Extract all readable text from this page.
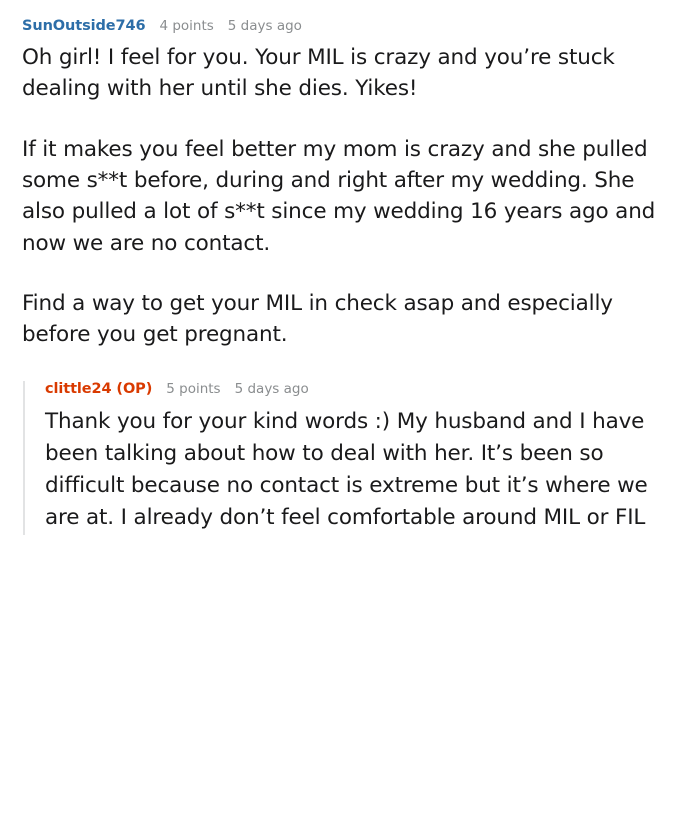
SunOutside746 4 points 5 days ago

Oh girl! I feel for you. Your MIL is crazy and you’re stuck dealing with her until she dies. Yikes!

If it makes you feel better my mom is crazy and she pulled some s**t before, during and right after my wedding. She also pulled a lot of s**t since my wedding 16 years ago and now we are no contact.

Find a way to get your MIL in check asap and especially before you get pregnant.

clittle24 (OP) 5 points 5 days ago

Thank you for your kind words :) My husband and I have been talking about how to deal with her. It’s been so difficult because no contact is extreme but it’s where we are at. I already don’t feel comfortable around MIL or FIL
